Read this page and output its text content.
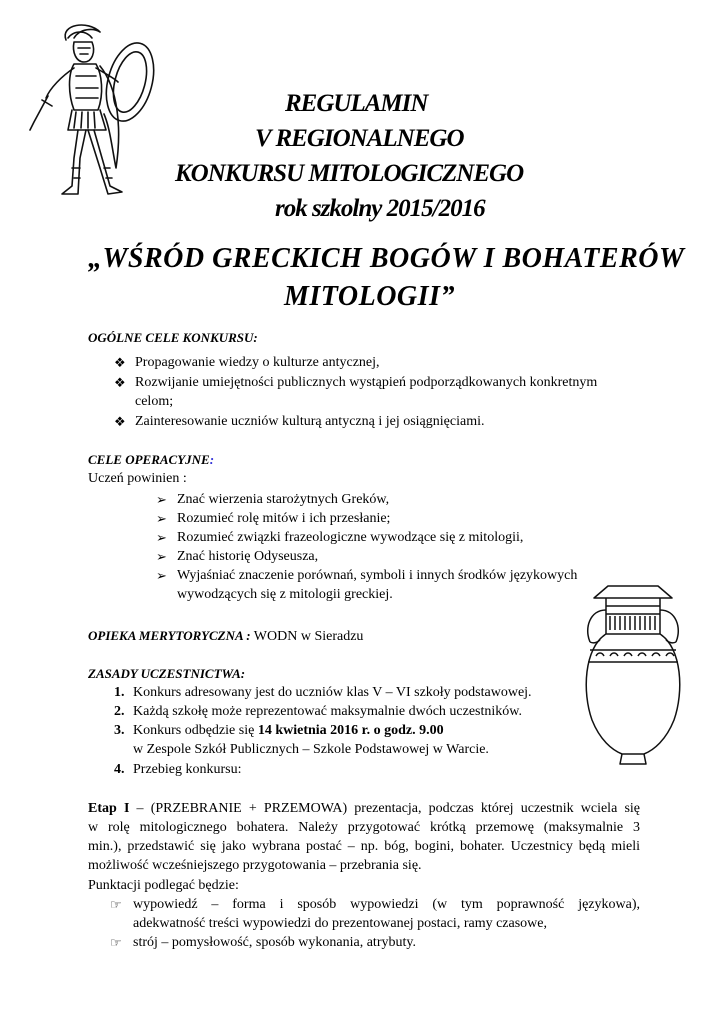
REGULAMIN
V REGIONALNEGO
KONKURSU MITOLOGICZNEGO
rok szkolny 2015/2016
„WŚRÓD GRECKICH BOGÓW I BOHATERÓW
MITOLOGII”
OGÓLNE CELE KONKURSU:
❖ Propagowanie wiedzy o kulturze antycznej,
❖ Rozwijanie umiejętności publicznych wystąpień podporządkowanych konkretnym
celom;
❖ Zainteresowanie uczniów kulturą antyczną i jej osiągnięciami.
CELE OPERACYJNE:
Uczeń powinien :
➢ Znać wierzenia starożytnych Greków,
➢ Rozumieć rolę mitów i ich przesłanie;
➢ Rozumieć związki frazeologiczne wywodzące się z mitologii,
➢ Znać historię Odyseusza,
➢ Wyjaśniać znaczenie porównań, symboli i innych środków językowych
wywodzących się z mitologii greckiej.
OPIEKA MERYTORYCZNA : WODN w Sieradzu
ZASADY UCZESTNICTWA:
1. Konkurs adresowany jest do uczniów klas V – VI szkoły podstawowej.
2. Każdą szkołę może reprezentować maksymalnie dwóch uczestników.
3. Konkurs odbędzie się 14 kwietnia 2016 r. o godz. 9.00
w Zespole Szkół Publicznych – Szkole Podstawowej w Warcie.
4. Przebieg konkursu:
Etap I – (PRZEBRANIE + PRZEMOWA) prezentacja, podczas której uczestnik wciela się
w rolę mitologicznego bohatera. Należy przygotować krótką przemowę (maksymalnie 3
min.), przedstawić się jako wybrana postać – np. bóg, bogini, bohater. Uczestnicy będą mieli
możliwość wcześniejszego przygotowania – przebrania się.
Punktacji podlegać będzie:
☞ wypowiedź – forma i sposób wypowiedzi (w tym poprawność językowa),
adekwatność treści wypowiedzi do prezentowanej postaci, ramy czasowe,
☞ strój – pomysłowość, sposób wykonania, atrybuty.
